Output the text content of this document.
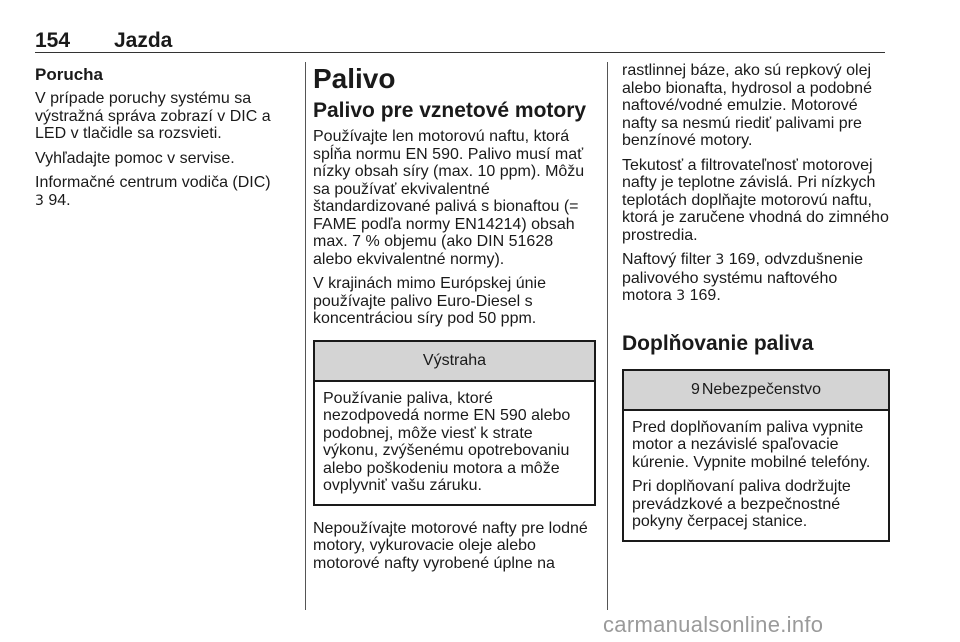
154 Jazda
Porucha

V prípade poruchy systému sa výstražná správa zobrazí v DIC a LED v tlačidle sa rozsvieti.

Vyhľadajte pomoc v servise.

Informačné centrum vodiča (DIC)
3 94.

Palivo
Palivo pre vznetové motory

Používajte len motorovú naftu, ktorá spĺňa normu EN 590. Palivo musí mať nízky obsah síry (max. 10 ppm). Môžu sa používať ekvivalentné štandardizované palivá s bionaftou (= FAME podľa normy EN14214) obsah max. 7 % objemu (ako DIN 51628 alebo ekvivalentné normy).

V krajinách mimo Európskej únie používajte palivo Euro-Diesel s koncentráciou síry pod 50 ppm.

Výstraha

Používanie paliva, ktoré nezodpovedá norme EN 590 alebo podobnej, môže viesť k strate výkonu, zvýšenému opotrebovaniu alebo poškodeniu motora a môže ovplyvniť vašu záruku.

Nepoužívajte motorové nafty pre lodné motory, vykurovacie oleje alebo motorové nafty vyrobené úplne na

rastlinnej báze, ako sú repkový olej alebo bionafta, hydrosol a podobné naftové/vodné emulzie. Motorové nafty sa nesmú riediť palivami pre benzínové motory.

Tekutosť a filtrovateľnosť motorovej nafty je teplotne závislá. Pri nízkych teplotách doplňajte motorovú naftu, ktorá je zaručene vhodná do zimného prostredia.

Naftový filter 3 169, odvzdušnenie palivového systému naftového motora 3 169.

Doplňovanie paliva
9 Nebezpečenstvo

Pred doplňovaním paliva vypnite motor a nezávislé spaľovacie kúrenie. Vypnite mobilné telefóny.

Pri doplňovaní paliva dodržujte prevádzkové a bezpečnostné pokyny čerpacej stanice.

carmanualsonline.info
